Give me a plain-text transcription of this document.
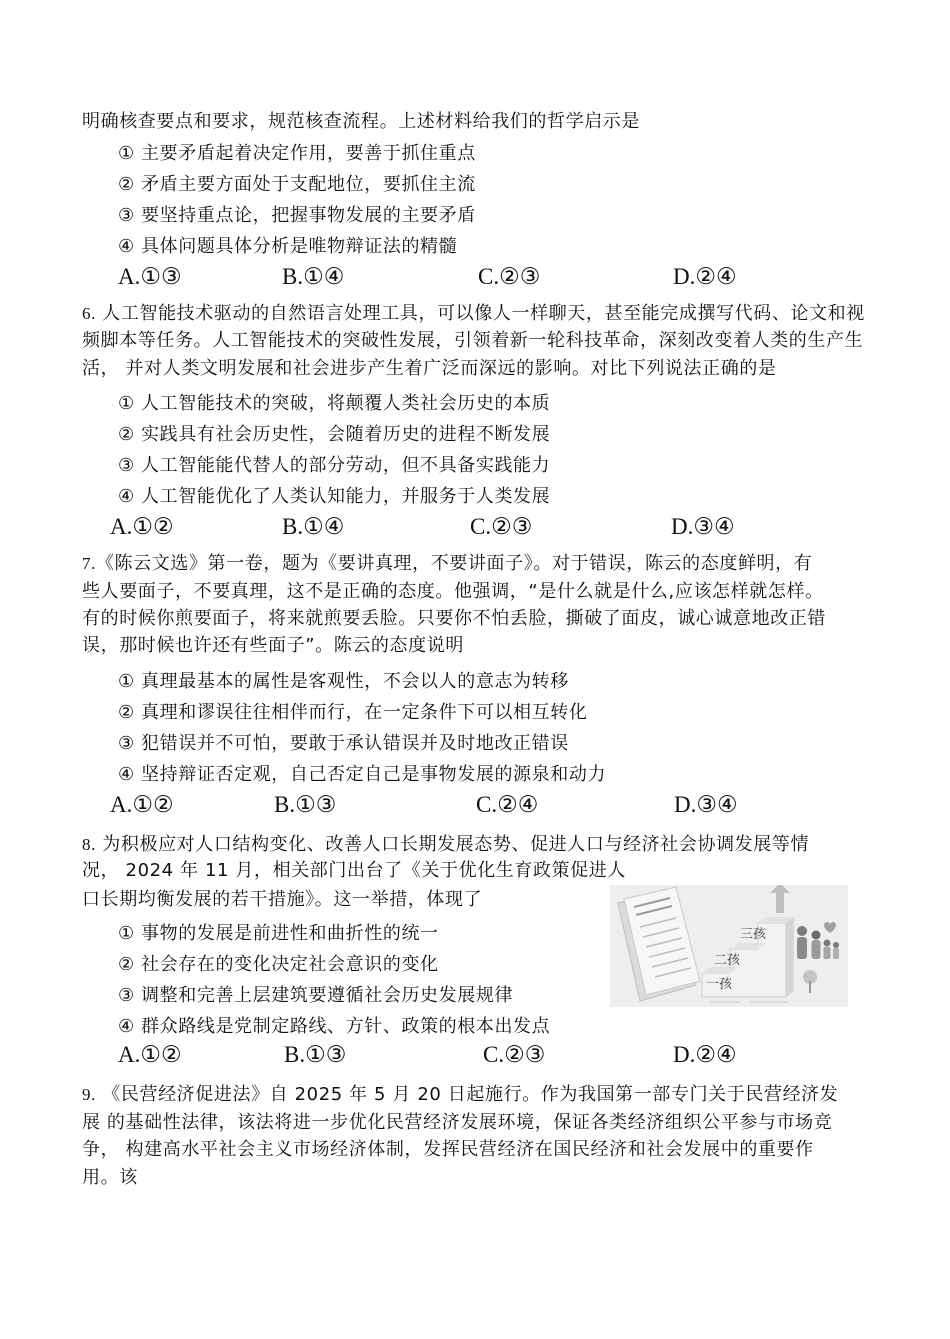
明确核查要点和要求，规范核查流程。上述材料给我们的哲学启示是
① 主要矛盾起着决定作用，要善于抓住重点
② 矛盾主要方面处于支配地位，要抓住主流
③ 要坚持重点论，把握事物发展的主要矛盾
④ 具体问题具体分析是唯物辩证法的精髓
A.①③	B.①④	C.②③	D.②④
6. 人工智能技术驱动的自然语言处理工具，可以像人一样聊天，甚至能完成撰写代码、论文和视
频脚本等任务。人工智能技术的突破性发展，引领着新一轮科技革命，深刻改变着人类的生产生
活， 并对人类文明发展和社会进步产生着广泛而深远的影响。对比下列说法正确的是
① 人工智能技术的突破，将颠覆人类社会历史的本质
② 实践具有社会历史性，会随着历史的进程不断发展
③ 人工智能能代替人的部分劳动，但不具备实践能力
④ 人工智能优化了人类认知能力，并服务于人类发展
A.①②	B.①④	C.②③	D.③④
7.《陈云文选》第一卷，题为《要讲真理，不要讲面子》。对于错误，陈云的态度鲜明，有
些人要面子，不要真理，这不是正确的态度。他强调，“是什么就是什么,应该怎样就怎样。
有的时候你煎要面子，将来就煎要丢脸。只要你不怕丢脸，撕破了面皮，诚心诚意地改正错
误，那时候也许还有些面子”。陈云的态度说明
① 真理最基本的属性是客观性，不会以人的意志为转移
② 真理和谬误往往相伴而行，在一定条件下可以相互转化
③ 犯错误并不可怕，要敢于承认错误并及时地改正错误
④ 坚持辩证否定观，自己否定自己是事物发展的源泉和动力
A.①②	B.①③	C.②④	D.③④
8. 为积极应对人口结构变化、改善人口长期发展态势、促进人口与经济社会协调发展等情
况， 2024 年 11 月，相关部门出台了《关于优化生育政策促进人
口长期均衡发展的若干措施》。这一举措，体现了
① 事物的发展是前进性和曲折性的统一
② 社会存在的变化决定社会意识的变化
③ 调整和完善上层建筑要遵循社会历史发展规律
④ 群众路线是党制定路线、方针、政策的根本出发点
A.①②	B.①③	C.②③	D.②④
一孩
二孩
三孩
9. 《民营经济促进法》自 2025 年 5 月 20 日起施行。作为我国第一部专门关于民营经济发
展 的基础性法律，该法将进一步优化民营经济发展环境，保证各类经济组织公平参与市场竞
争， 构建高水平社会主义市场经济体制，发挥民营经济在国民经济和社会发展中的重要作
用。该
